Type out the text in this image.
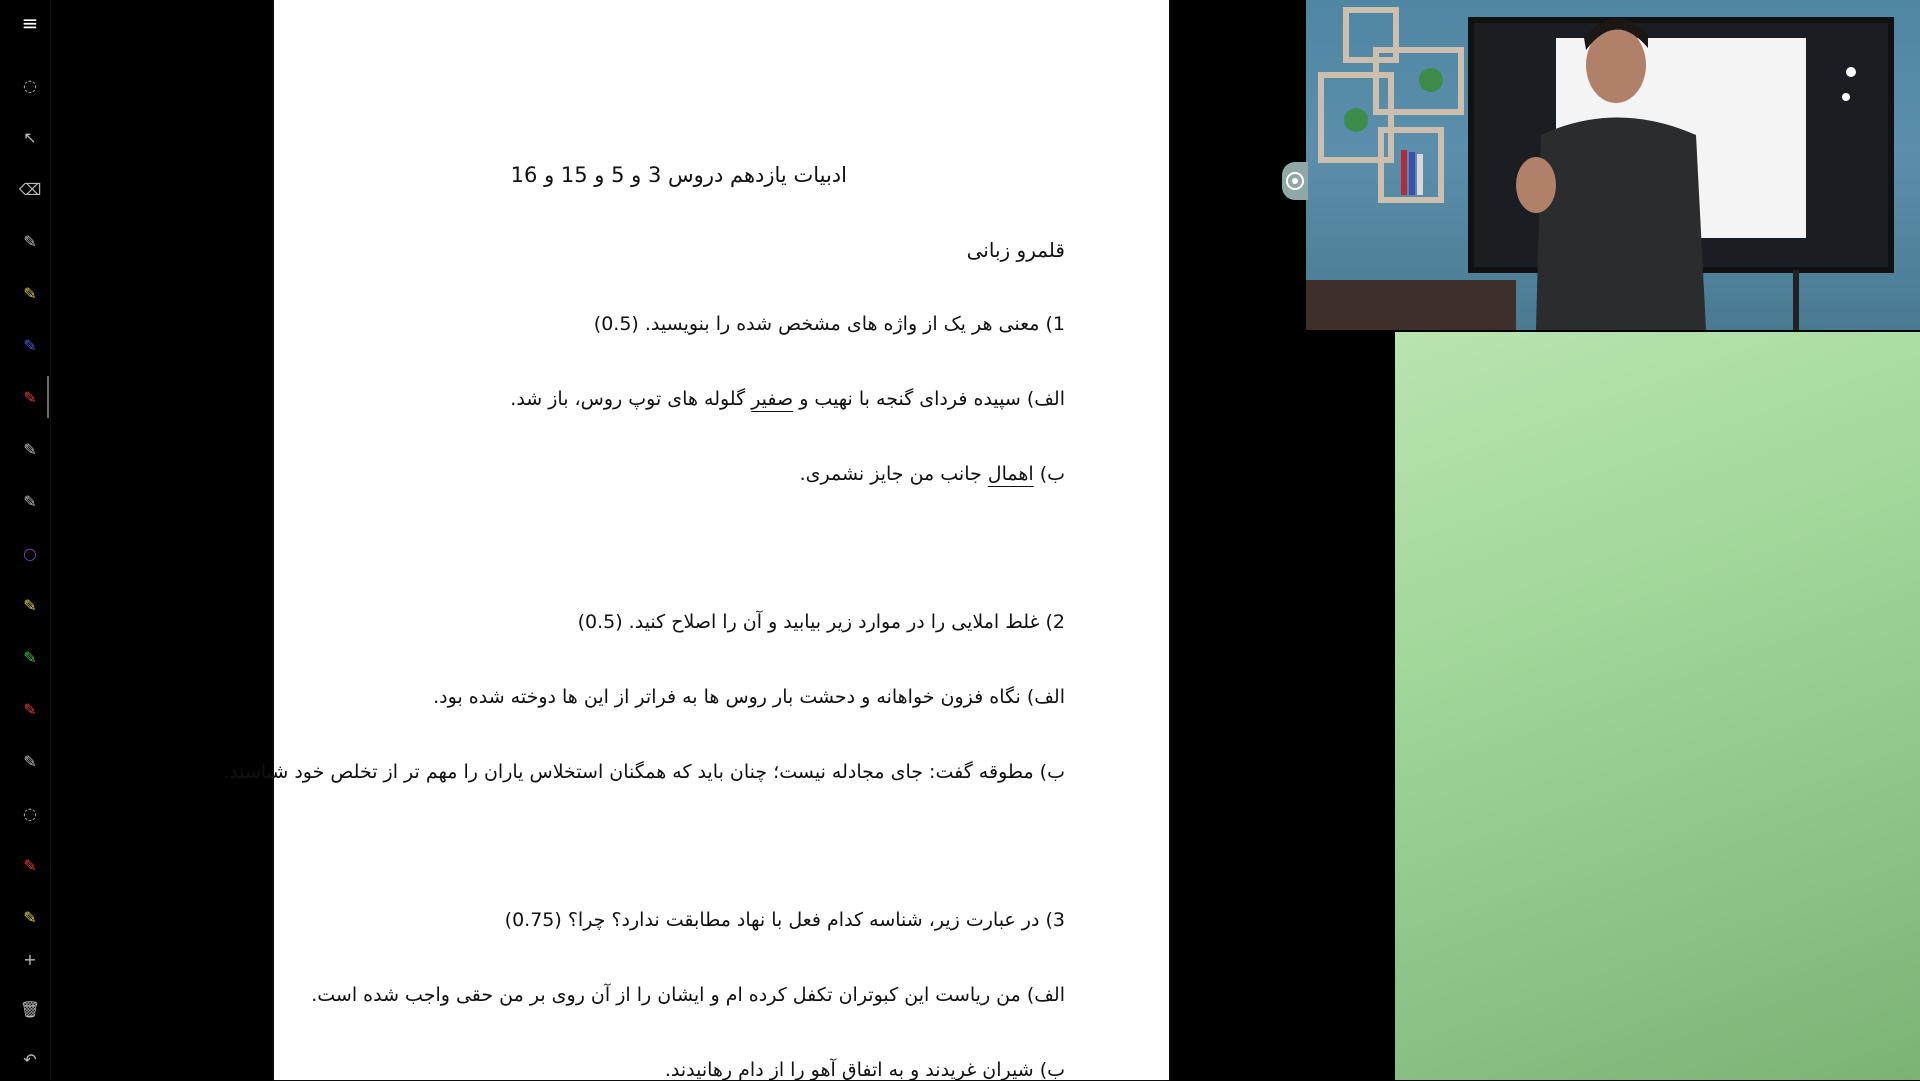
≡
◌
↖
⌫
✎
✎
✎
✎
✎
✎
○
✎
✎
✎
✎
◌
✎
✎
+
🗑
↶
ادبیات یازدهم دروس 3 و 5 و 15 و 16
قلمرو زبانی
1) معنی هر یک از واژه های مشخص شده را بنویسید. (0.5)
الف) سپیده فردای گنجه با نهیب و صفیر گلوله های توپ روس، باز شد.
ب) اهمال جانب من جایز نشمری.
2) غلط املایی را در موارد زیر بیابید و آن را اصلاح کنید. (0.5)
الف) نگاه فزون خواهانه و دحشت بار روس ها به فراتر از این ها دوخته شده بود.
ب) مطوقه گفت: جای مجادله نیست؛ چنان باید که همگنان استخلاس یاران را مهم تر از تخلص خود شناسند.
3) در عبارت زیر، شناسه کدام فعل با نهاد مطابقت ندارد؟ چرا؟ (0.75)
الف) من ریاست این کبوتران تکفل کرده ام و ایشان را از آن روی بر من حقی واجب شده است.
ب) شیران غریدند و به اتفاق آهو را از دام رهانیدند.
